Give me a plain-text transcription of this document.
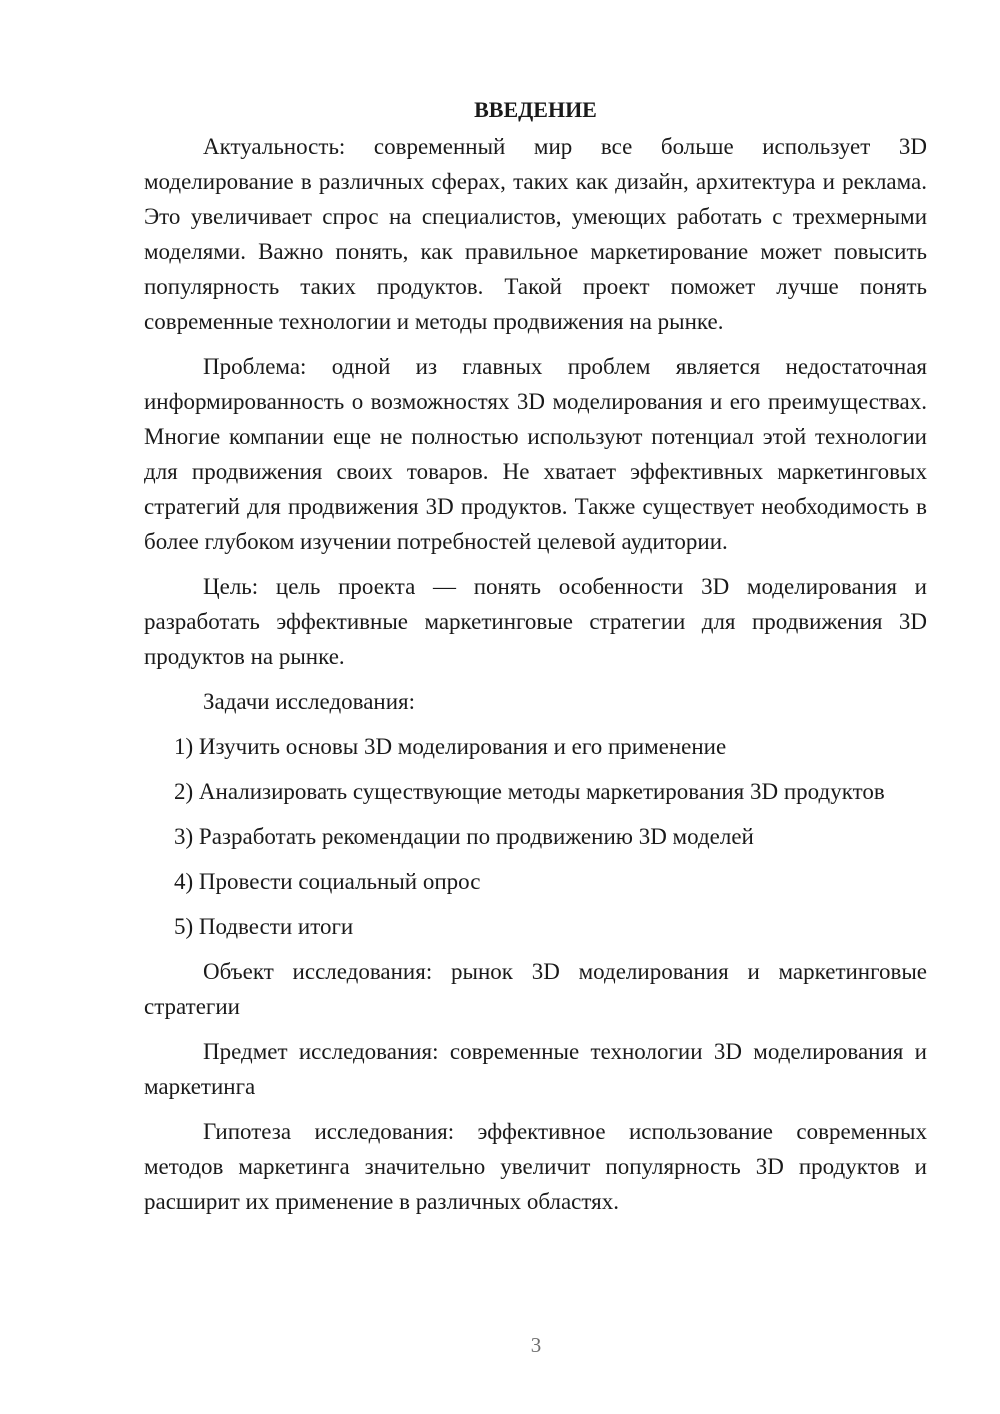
ВВЕДЕНИЕ

Актуальность: современный мир все больше использует 3D моделирование в различных сферах, таких как дизайн, архитектура и реклама. Это увеличивает спрос на специалистов, умеющих работать с трехмерными моделями. Важно понять, как правильное маркетирование может повысить популярность таких продуктов. Такой проект поможет лучше понять современные технологии и методы продвижения на рынке.

Проблема: одной из главных проблем является недостаточная информированность о возможностях 3D моделирования и его преимуществах. Многие компании еще не полностью используют потенциал этой технологии для продвижения своих товаров. Не хватает эффективных маркетинговых стратегий для продвижения 3D продуктов. Также существует необходимость в более глубоком изучении потребностей целевой аудитории.

Цель: цель проекта — понять особенности 3D моделирования и разработать эффективные маркетинговые стратегии для продвижения 3D продуктов на рынке.

Задачи исследования:

1) Изучить основы 3D моделирования и его применение

2) Анализировать существующие методы маркетирования 3D продуктов

3) Разработать рекомендации по продвижению 3D моделей

4) Провести социальный опрос

5) Подвести итоги

Объект исследования: рынок 3D моделирования и маркетинговые стратегии

Предмет исследования: современные технологии 3D моделирования и маркетинга

Гипотеза исследования: эффективное использование современных методов маркетинга значительно увеличит популярность 3D продуктов и расширит их применение в различных областях.

3
